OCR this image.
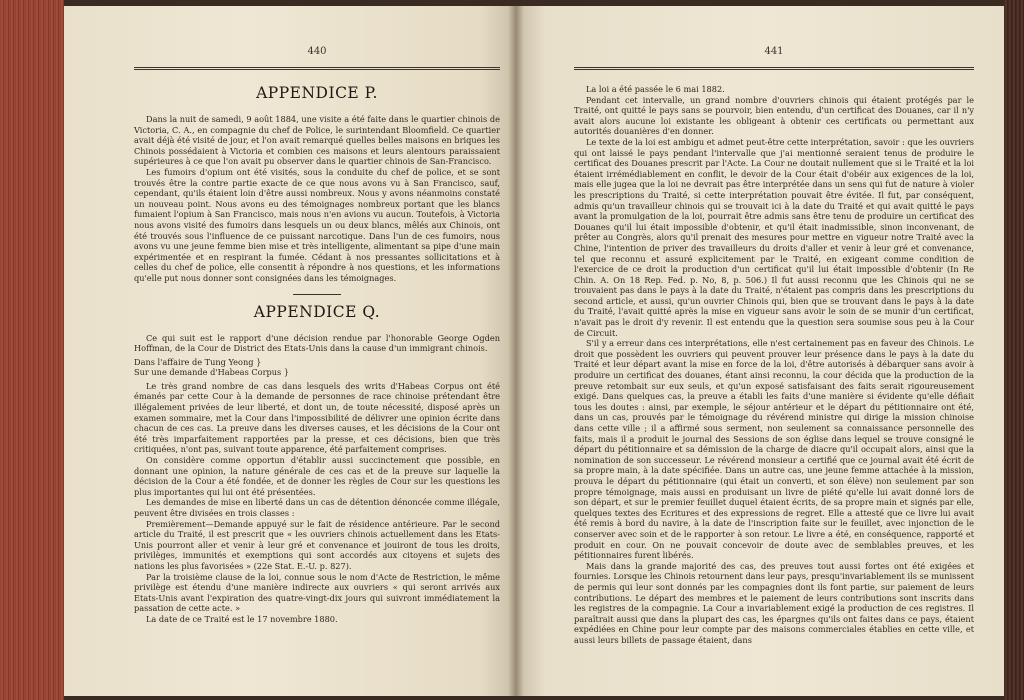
440
APPENDICE P.

Dans la nuit de samedi, 9 août 1884, une visite a été faite dans le quartier chinois de Victoria, C. A., en compagnie du chef de Police, le surintendant Bloomfield. Ce quartier avait déjà été visité de jour, et l'on avait remarqué quelles belles maisons en briques les Chinois possédaient à Victoria et combien ces maisons et leurs alentours paraissaient supérieures à ce que l'on avait pu observer dans le quartier chinois de San-Francisco.

Les fumoirs d'opium ont été visités, sous la conduite du chef de police, et se sont trouvés être la contre partie exacte de ce que nous avons vu à San Francisco, sauf, cependant, qu'ils étaient loin d'être aussi nombreux. Nous y avons néanmoins constaté un nouveau point. Nous avons eu des témoignages nombreux portant que les blancs fumaient l'opium à San Francisco, mais nous n'en avions vu aucun. Toutefois, à Victoria nous avons visité des fumoirs dans lesquels un ou deux blancs, mêlés aux Chinois, ont été trouvés sous l'influence de ce puissant narcotique. Dans l'un de ces fumoirs, nous avons vu une jeune femme bien mise et très intelligente, alimentant sa pipe d'une main expérimentée et en respirant la fumée. Cédant à nos pressantes sollicitations et à celles du chef de police, elle consentit à répondre à nos questions, et les informations qu'elle put nous donner sont consignées dans les témoignages.

APPENDICE Q.

Ce qui suit est le rapport d'une décision rendue par l'honorable George Ogden Hoffman, de la Cour de District des Etats-Unis dans la cause d'un immigrant chinois.

Dans l'affaire de Tung Yeong }
Sur une demande d'Habeas Corpus }

Le très grand nombre de cas dans lesquels des writs d'Habeas Corpus ont été émanés par cette Cour à la demande de personnes de race chinoise prétendant être illégalement privées de leur liberté, et dont un, de toute nécessité, disposé après un examen sommaire, met la Cour dans l'impossibilité de délivrer une opinion écrite dans chacun de ces cas. La preuve dans les diverses causes, et les décisions de la Cour ont été très imparfaitement rapportées par la presse, et ces décisions, bien que très critiquées, n'ont pas, suivant toute apparence, été parfaitement comprises.

On considère comme opportun d'établir aussi succinctement que possible, en donnant une opinion, la nature générale de ces cas et de la preuve sur laquelle la décision de la Cour a été fondée, et de donner les règles de Cour sur les questions les plus importantes qui lui ont été présentées.

Les demandes de mise en liberté dans un cas de détention dénoncée comme illégale, peuvent être divisées en trois classes :

Premièrement—Demande appuyé sur le fait de résidence antérieure. Par le second article du Traité, il est prescrit que « les ouvriers chinois actuellement dans les Etats-Unis pourront aller et venir à leur gré et convenance et jouiront de tous les droits, privilèges, immunités et exemptions qui sont accordés aux citoyens et sujets des nations les plus favorisées » (22e Stat. E.-U. p. 827).

Par la troisième clause de la loi, connue sous le nom d'Acte de Restriction, le même privilège est étendu d'une manière indirecte aux ouvriers « qui seront arrivés aux Etats-Unis avant l'expiration des quatre-vingt-dix jours qui suivront immédiatement la passation de cette acte. »

La date de ce Traité est le 17 novembre 1880.

441

La loi a été passée le 6 mai 1882.

Pendant cet intervalle, un grand nombre d'ouvriers chinois qui étaient protégés par le Traité, ont quitté le pays sans se pourvoir, bien entendu, d'un certificat des Douanes, car il n'y avait alors aucune loi existante les obligeant à obtenir ces certificats ou permettant aux autorités douanières d'en donner.

Le texte de la loi est ambigu et admet peut-être cette interprétation, savoir : que les ouvriers qui ont laissé le pays pendant l'intervalle que j'ai mentionné seraient tenus de produire le certificat des Douanes prescrit par l'Acte. La Cour ne doutait nullement que si le Traité et la loi étaient irrémédiablement en conflit, le devoir de la Cour était d'obéir aux exigences de la loi, mais elle jugea que la loi ne devrait pas être interprétée dans un sens qui fut de nature à violer les prescriptions du Traité, si cette interprétation pouvait être évitée. Il fut, par conséquent, admis qu'un travailleur chinois qui se trouvait ici à la date du Traité et qui avait quitté le pays avant la promulgation de la loi, pourrait être admis sans être tenu de produire un certificat des Douanes qu'il lui était impossible d'obtenir, et qu'il était inadmissible, sinon inconvenant, de prêter au Congrès, alors qu'il prenait des mesures pour mettre en vigueur notre Traité avec la Chine, l'intention de priver des travailleurs du droits d'aller et venir à leur gré et convenance, tel que reconnu et assuré explicitement par le Traité, en exigeant comme condition de l'exercice de ce droit la production d'un certificat qu'il lui était impossible d'obtenir (In Re Chin. A. On 18 Rep. Fed. p. No, 8, p. 506.) Il fut aussi reconnu que les Chinois qui ne se trouvaient pas dans le pays à la date du Traité, n'étaient pas compris dans les prescriptions du second article, et aussi, qu'un ouvrier Chinois qui, bien que se trouvant dans le pays à la date du Traité, l'avait quitté après la mise en vigueur sans avoir le soin de se munir d'un certificat, n'avait pas le droit d'y revenir. Il est entendu que la question sera soumise sous peu à la Cour de Circuit.

S'il y a erreur dans ces interprétations, elle n'est certainement pas en faveur des Chinois. Le droit que possèdent les ouvriers qui peuvent prouver leur présence dans le pays à la date du Traité et leur départ avant la mise en force de la loi, d'être autorisés à débarquer sans avoir à produire un certificat des douanes, étant ainsi reconnu, la cour décida que la production de la preuve retombait sur eux seuls, et qu'un exposé satisfaisant des faits serait rigoureusement exigé. Dans quelques cas, la preuve a établi les faits d'une manière si évidente qu'elle défiait tous les doutes : ainsi, par exemple, le séjour antérieur et le départ du pétitionnaire ont été, dans un cas, prouvés par le témoignage du révérend ministre qui dirige la mission chinoise dans cette ville ; il a affirmé sous serment, non seulement sa connaissance personnelle des faits, mais il a produit le journal des Sessions de son église dans lequel se trouve consigné le départ du pétitionnaire et sa démission de la charge de diacre qu'il occupait alors, ainsi que la nomination de son successeur. Le révérend monsieur a certifié que ce journal avait été écrit de sa propre main, à la date spécifiée. Dans un autre cas, une jeune femme attachée à la mission, prouva le départ du pétitionnaire (qui était un converti, et son élève) non seulement par son propre témoignage, mais aussi en produisant un livre de piété qu'elle lui avait donné lors de son départ, et sur le premier feuillet duquel étaient écrits, de sa propre main et signés par elle, quelques textes des Ecritures et des expressions de regret. Elle a attesté que ce livre lui avait été remis à bord du navire, à la date de l'inscription faite sur le feuillet, avec injonction de le conserver avec soin et de le rapporter à son retour. Le livre a été, en conséquence, rapporté et produit en cour. On ne pouvait concevoir de doute avec de semblables preuves, et les pétitionnaires furent libérés.

Mais dans la grande majorité des cas, des preuves tout aussi fortes ont été exigées et fournies. Lorsque les Chinois retournent dans leur pays, presqu'invariablement ils se munissent de permis qui leur sont donnés par les compagnies dont ils font partie, sur paiement de leurs contributions. Le départ des membres et le paiement de leurs contributions sont inscrits dans les registres de la compagnie. La Cour a invariablement exigé la production de ces registres. Il paraîtrait aussi que dans la plupart des cas, les épargnes qu'ils ont faites dans ce pays, étaient expédiées en Chine pour leur compte par des maisons commerciales établies en cette ville, et aussi leurs billets de passage étaient, dans
